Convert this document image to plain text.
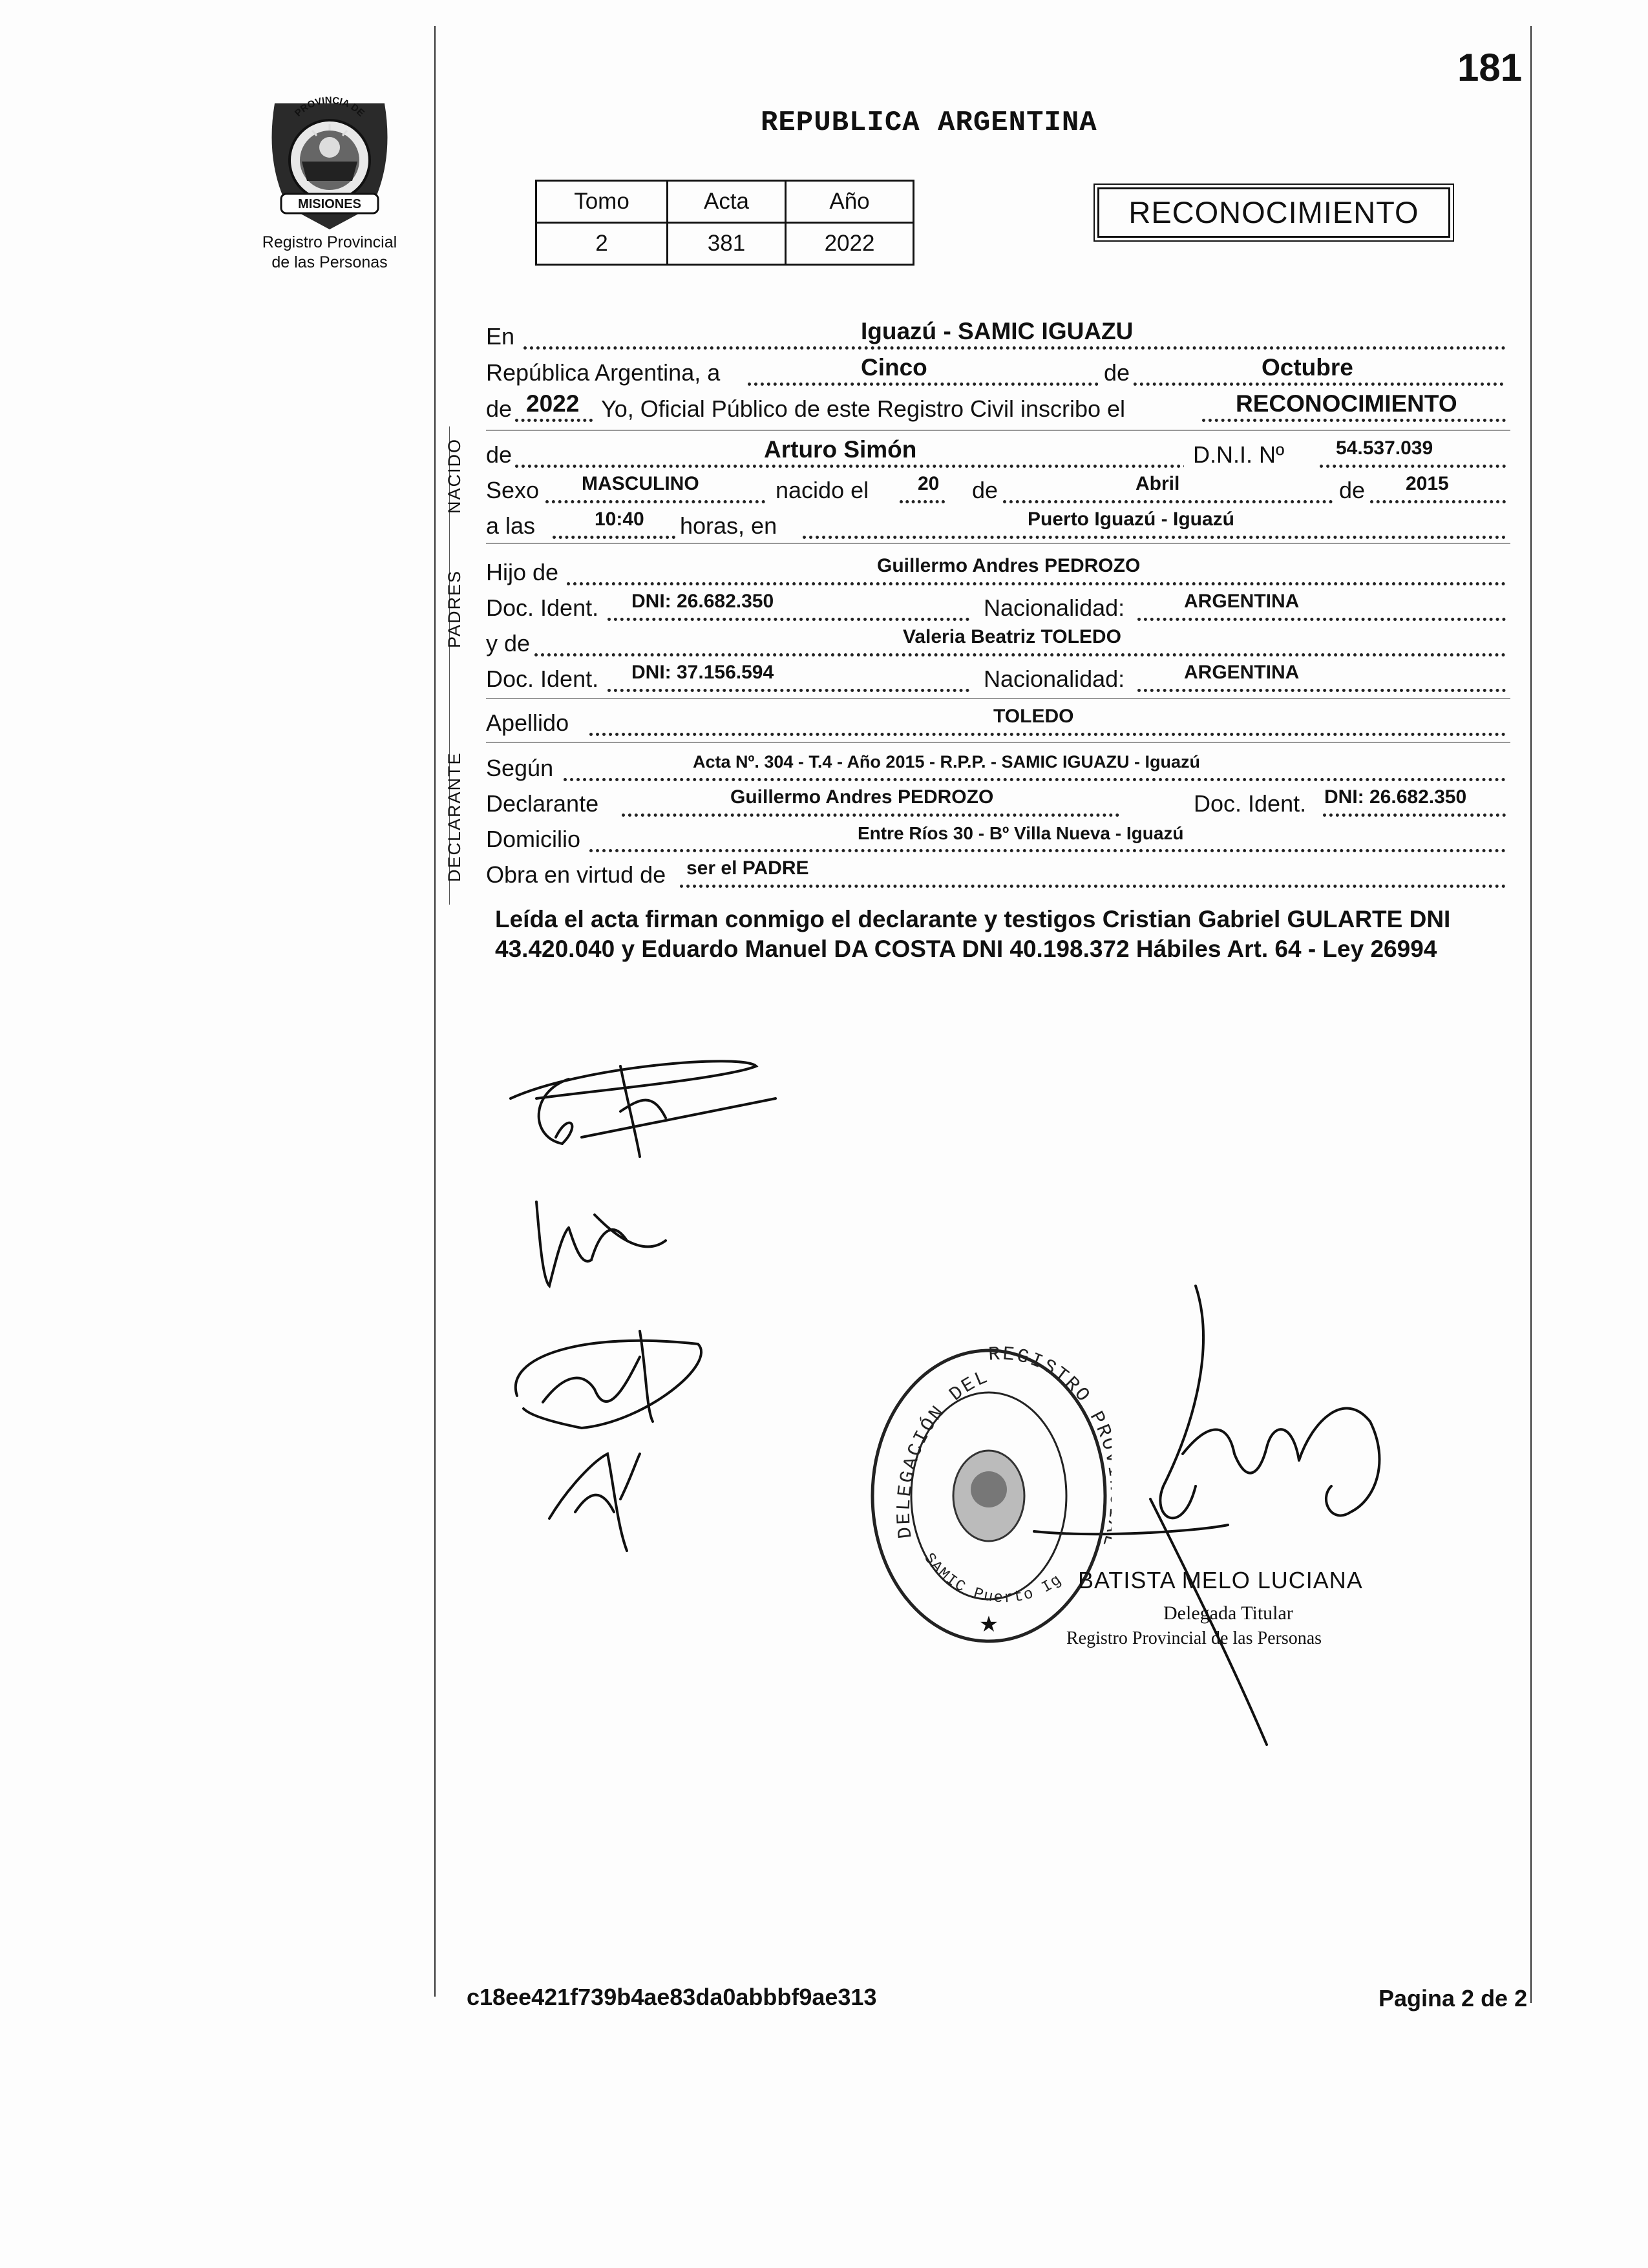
181
REPUBLICA ARGENTINA
PROVINCIA DE
MISIONES
Registro Provincial
de las Personas
Tomo	Acta	Año
2	381	2022
RECONOCIMIENTO
NACIDO
PADRES
DECLARANTE
En	Iguazú - SAMIC IGUAZU
República Argentina, a	Cinco	de	Octubre
de 2022 Yo, Oficial Público de este Registro Civil inscribo el	RECONOCIMIENTO
de	Arturo Simón	D.N.I. Nº	54.537.039
Sexo MASCULINO	nacido el	20 de	Abril	de 2015
a las	10:40 horas, en	Puerto Iguazú - Iguazú
Hijo de	Guillermo Andres PEDROZO
Doc. Ident. DNI: 26.682.350	Nacionalidad:	ARGENTINA
y de	Valeria Beatriz TOLEDO
Doc. Ident. DNI: 37.156.594	Nacionalidad:	ARGENTINA
Apellido	TOLEDO
Según	Acta Nº. 304 - T.4 - Año 2015 - R.P.P. - SAMIC IGUAZU - Iguazú
Declarante	Guillermo Andres PEDROZO	Doc. Ident. DNI: 26.682.350
Domicilio	Entre Ríos 30 - Bº Villa Nueva - Iguazú
Obra en virtud de ser el PADRE
Leída el acta firman conmigo el declarante y testigos Cristian Gabriel GULARTE DNI 43.420.040 y Eduardo Manuel DA COSTA DNI 40.198.372 Hábiles Art. 64 - Ley 26994
DELEGACIÓN DEL
REGISTRO P
SAMIC Puerto Ig
★
BATISTA MELO LUCIANA
Delegada Titular
Registro Provincial de las Personas
c18ee421f739b4ae83da0abbbf9ae313	Pagina 2 de 2
